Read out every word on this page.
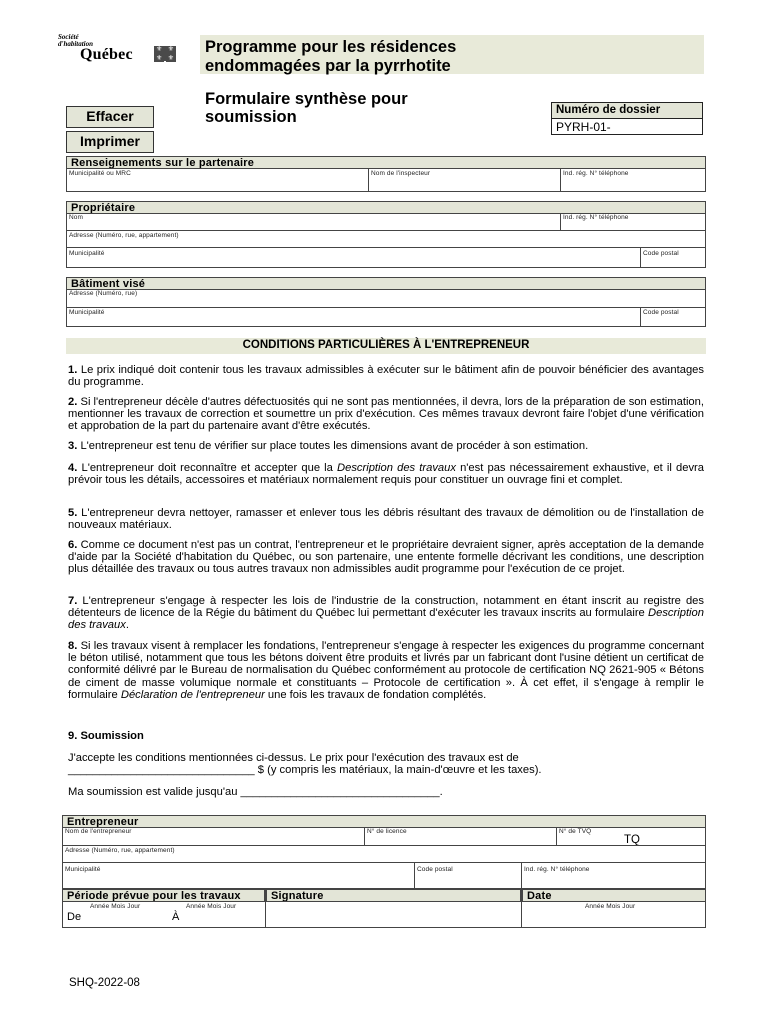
Société
d'habitation
Québec	⚜ ⚜
⚜ ⚜
Programme pour les résidences
endommagées par la pyrrhotite
Formulaire synthèse pour
soumission
Effacer
Imprimer
Numéro de dossier
PYRH-01-
Renseignements sur le partenaire
Municipalité ou MRC	Nom de l'inspecteur	Ind. rég. N° téléphone
Propriétaire
Nom	Ind. rég. N° téléphone
Adresse (Numéro, rue, appartement)
Municipalité	Code postal
Bâtiment visé
Adresse (Numéro, rue)
Municipalité	Code postal
CONDITIONS PARTICULIÈRES À L'ENTREPRENEUR
1. Le prix indiqué doit contenir tous les travaux admissibles à exécuter sur le bâtiment afin de pouvoir bénéficier des avantages du programme.
2. Si l'entrepreneur décèle d'autres défectuosités qui ne sont pas mentionnées, il devra, lors de la préparation de son estimation, mentionner les travaux de correction et soumettre un prix d'exécution. Ces mêmes travaux devront faire l'objet d'une vérification et approbation de la part du partenaire avant d'être exécutés.
3. L'entrepreneur est tenu de vérifier sur place toutes les dimensions avant de procéder à son estimation.
4. L'entrepreneur doit reconnaître et accepter que la Description des travaux n'est pas nécessairement exhaustive, et il devra prévoir tous les détails, accessoires et matériaux normalement requis pour constituer un ouvrage fini et complet.
5. L'entrepreneur devra nettoyer, ramasser et enlever tous les débris résultant des travaux de démolition ou de l'installation de nouveaux matériaux.
6. Comme ce document n'est pas un contrat, l'entrepreneur et le propriétaire devraient signer, après acceptation de la demande d'aide par la Société d'habitation du Québec, ou son partenaire, une entente formelle décrivant les conditions, une description plus détaillée des travaux ou tous autres travaux non admissibles audit programme pour l'exécution de ce projet.
7. L'entrepreneur s'engage à respecter les lois de l'industrie de la construction, notamment en étant inscrit au registre des détenteurs de licence de la Régie du bâtiment du Québec lui permettant d'exécuter les travaux inscrits au formulaire Description des travaux.
8. Si les travaux visent à remplacer les fondations, l'entrepreneur s'engage à respecter les exigences du programme concernant le béton utilisé, notamment que tous les bétons doivent être produits et livrés par un fabricant dont l'usine détient un certificat de conformité délivré par le Bureau de normalisation du Québec conformément au protocole de certification NQ 2621-905 « Bétons de ciment de masse volumique normale et constituants – Protocole de certification ». À cet effet, il s'engage à remplir le formulaire Déclaration de l'entrepreneur une fois les travaux de fondation complétés.
9. Soumission
J'accepte les conditions mentionnées ci-dessus. Le prix pour l'exécution des travaux est de
______________________________ $ (y compris les matériaux, la main-d'œuvre et les taxes).
Ma soumission est valide jusqu'au ________________________________.
Entrepreneur
Nom de l'entrepreneur	N° de licence	N° de TVQ
TQ
Adresse (Numéro, rue, appartement)
Municipalité	Code postal	Ind. rég. N° téléphone
Période prévue pour les travaux	Signature	Date
Année Mois Jour	Année Mois Jour
De	À
Année Mois Jour
SHQ-2022-08
